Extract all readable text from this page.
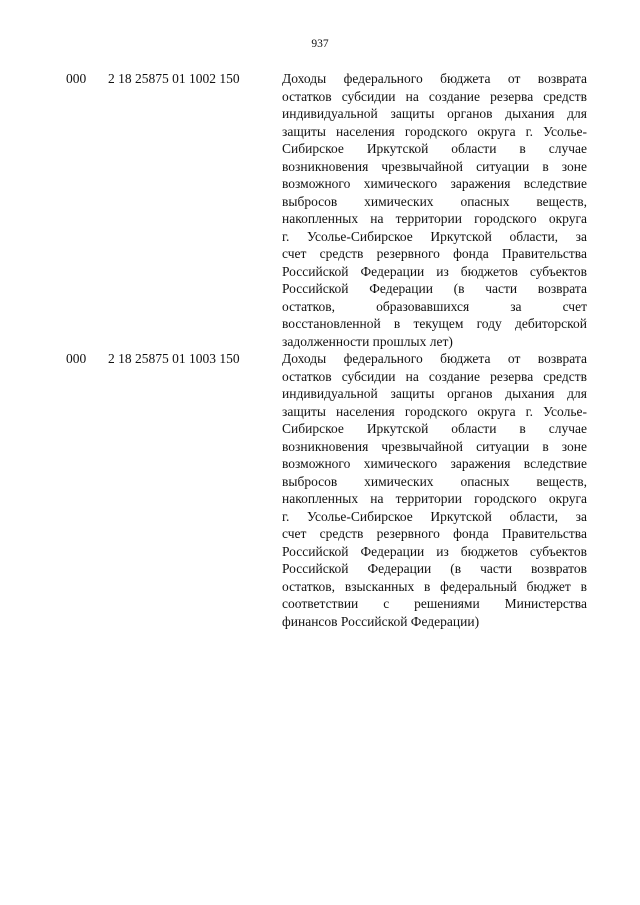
937
000 2 18 25875 01 1002 150	Доходы федерального бюджета от возврата
остатков субсидии на создание резерва средств
индивидуальной защиты органов дыхания для
защиты населения городского округа г. Усолье-
Сибирское Иркутской области в случае
возникновения чрезвычайной ситуации в зоне
возможного химического заражения вследствие
выбросов химических опасных веществ,
накопленных на территории городского округа
г. Усолье-Сибирское Иркутской области, за
счет средств резервного фонда Правительства
Российской Федерации из бюджетов субъектов
Российской Федерации (в части возврата
остатков, образовавшихся за счет
восстановленной в текущем году дебиторской
задолженности прошлых лет)
000 2 18 25875 01 1003 150	Доходы федерального бюджета от возврата
остатков субсидии на создание резерва средств
индивидуальной защиты органов дыхания для
защиты населения городского округа г. Усолье-
Сибирское Иркутской области в случае
возникновения чрезвычайной ситуации в зоне
возможного химического заражения вследствие
выбросов химических опасных веществ,
накопленных на территории городского округа
г. Усолье-Сибирское Иркутской области, за
счет средств резервного фонда Правительства
Российской Федерации из бюджетов субъектов
Российской Федерации (в части возвратов
остатков, взысканных в федеральный бюджет в
соответствии с решениями Министерства
финансов Российской Федерации)
